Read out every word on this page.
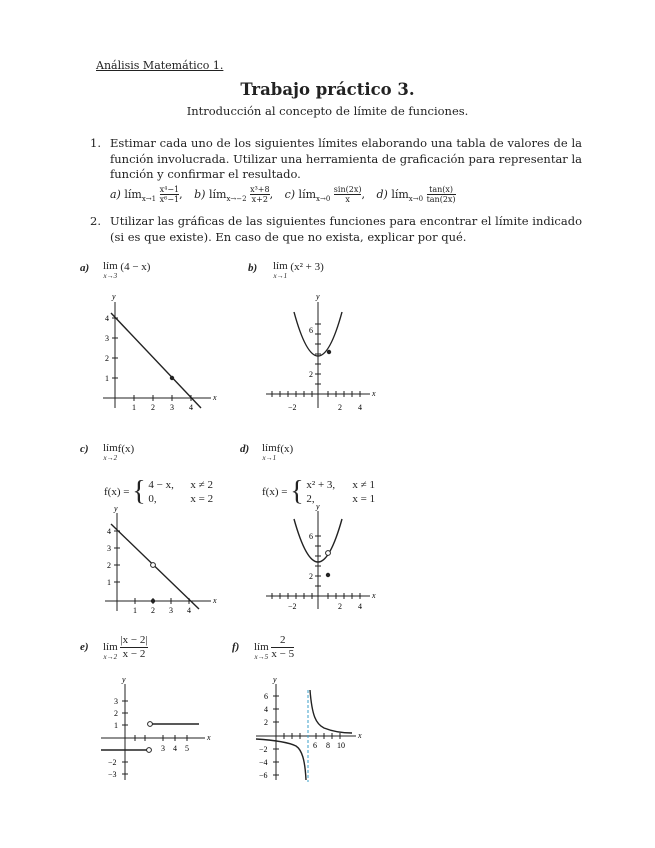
Análisis Matemático 1.
Trabajo práctico 3.
Introducción al concepto de límite de funciones.
1. Estimar cada uno de los siguientes límites elaborando una tabla de valores de la función involucrada. Utilizar una herramienta de graficación para representar la función y confirmar el resultado.
a) lím$_{x\to 1}$ $\frac{\text{x⁴−1}}{\text{x⁶−1}}$ , b) lím$_{x\to-2}$ $\frac{\text{x³+8}}{x+2}$ , c) lím$_{x\to 0}$ $\frac{\sin(2x)}{x}$ , d) lím$_{x\to 0}$ $\frac{\tan(x)}{\tan(2x)}$
2. Utilizar las gráficas de las siguientes funciones para encontrar el límite indicado (si es que existe). En caso de que no exista, explicar por qué.
a) lím
x→3
(4 − x)	b) lím
x→1
(x² + 3)
c) lím
x→2
f(x)
f(x) = { 4 − x, x ≠ 2
0,	x = 2
d) lím
x→1
f(x)
f(x) = { x² + 3, x ≠ 1
2,	x = 1
e) lím
x→2
$\frac{|x - 2|}{x - 2}$	f) lím
x→5
$\frac{2}{x - 5}$
y
x
1 2 3 4
1
2
3
4
y
x
−2	2 4
2
6
y
x
1 2 3 4
1
2
3
4
y
x
−2	2 4
2
6
y
x
3 4 5
3
2
1
−2
−3
y
x
6 8 10
6
4
2
−2
−4
−6
